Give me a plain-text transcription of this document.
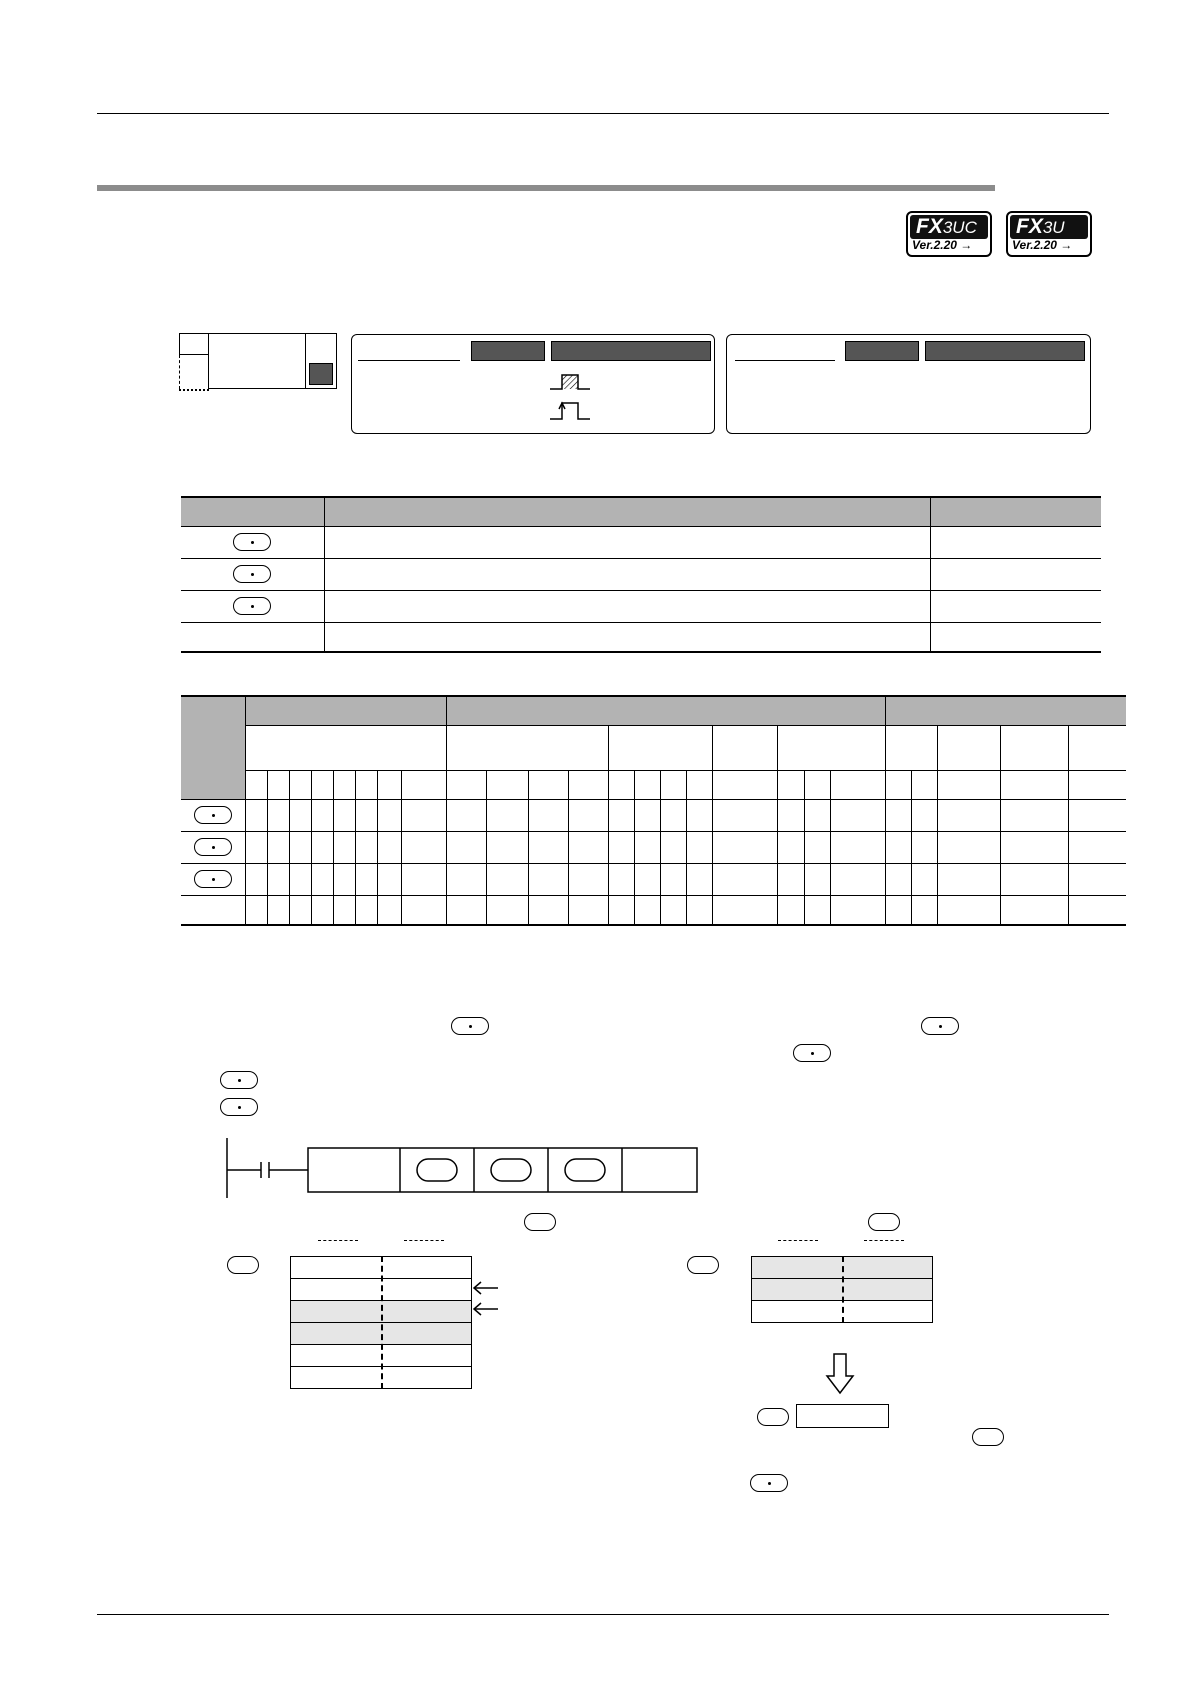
FX3UC
Ver.2.20 →
FX3U
Ver.2.20 →
